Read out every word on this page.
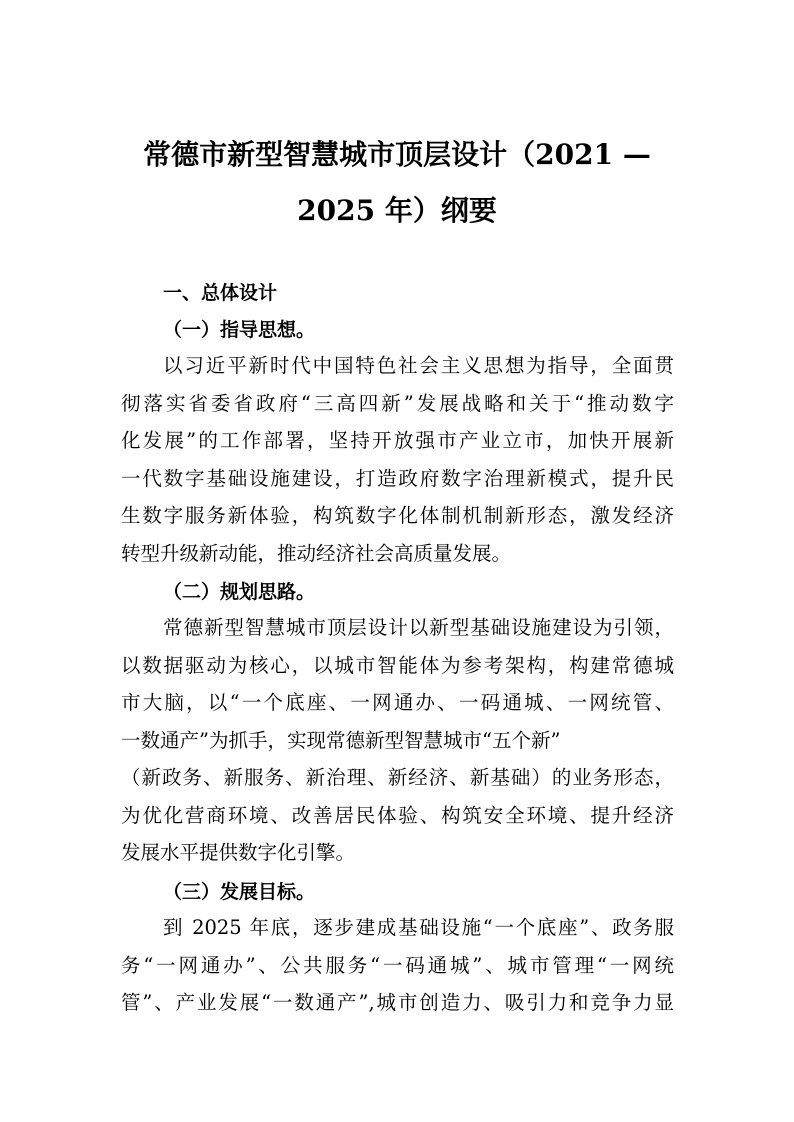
常德市新型智慧城市顶层设计（2021 —
2025 年）纲要
一、总体设计
（一）指导思想。
以习近平新时代中国特色社会主义思想为指导，全面贯
彻落实省委省政府“三高四新”发展战略和关于“推动数字
化发展”的工作部署，坚持开放强市产业立市，加快开展新
一代数字基础设施建设，打造政府数字治理新模式，提升民
生数字服务新体验，构筑数字化体制机制新形态，激发经济
转型升级新动能，推动经济社会高质量发展。
（二）规划思路。
常德新型智慧城市顶层设计以新型基础设施建设为引领，
以数据驱动为核心，以城市智能体为参考架构，构建常德城
市大脑，以“一个底座、一网通办、一码通城、一网统管、
一数通产”为抓手，实现常德新型智慧城市“五个新”
（新政务、新服务、新治理、新经济、新基础）的业务形态，
为优化营商环境、改善居民体验、构筑安全环境、提升经济
发展水平提供数字化引擎。
（三）发展目标。
到 2025 年底，逐步建成基础设施“一个底座”、政务服
务“一网通办”、公共服务“一码通城”、城市管理“一网统
管”、产业发展“一数通产”,城市创造力、吸引力和竞争力显
